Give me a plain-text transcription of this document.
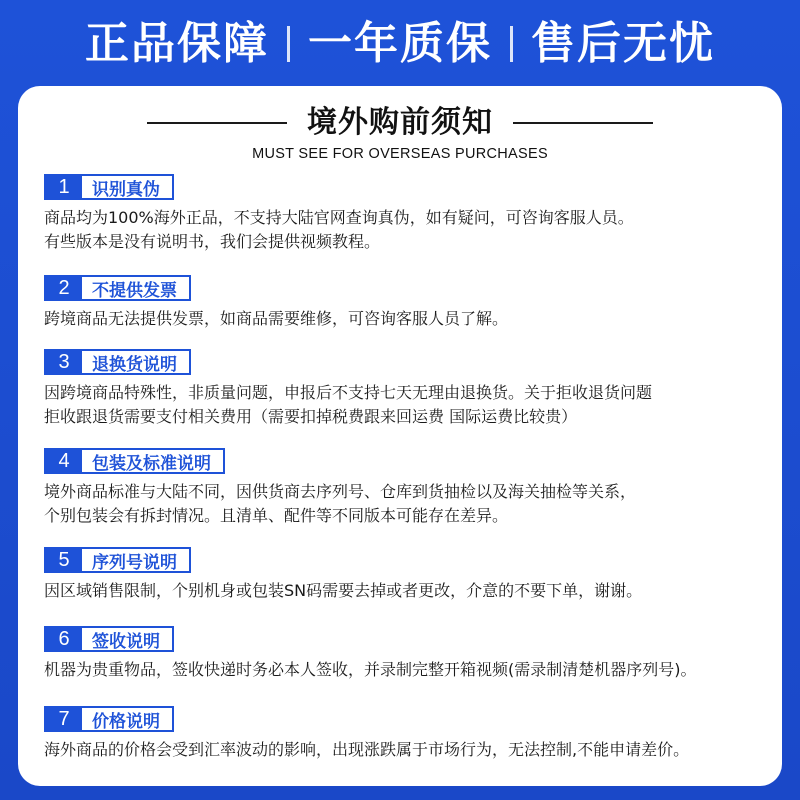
正品保障 一年质保 售后无忧
境外购前须知
MUST SEE FOR OVERSEAS PURCHASES
1	识别真伪

商品均为100%海外正品，不支持大陆官网查询真伪，如有疑问，可咨询客服人员。

有些版本是没有说明书，我们会提供视频教程。

2	不提供发票

跨境商品无法提供发票，如商品需要维修，可咨询客服人员了解。

3	退换货说明

因跨境商品特殊性，非质量问题，申报后不支持七天无理由退换货。关于拒收退货问题

拒收跟退货需要支付相关费用（需要扣掉税费跟来回运费 国际运费比较贵）

4	包装及标准说明

境外商品标准与大陆不同，因供货商去序列号、仓库到货抽检以及海关抽检等关系，

个别包装会有拆封情况。且清单、配件等不同版本可能存在差异。

5	序列号说明

因区域销售限制，个别机身或包装SN码需要去掉或者更改，介意的不要下单，谢谢。

6	签收说明

机器为贵重物品，签收快递时务必本人签收，并录制完整开箱视频(需录制清楚机器序列号)。

7	价格说明

海外商品的价格会受到汇率波动的影响，出现涨跌属于市场行为，无法控制,不能申请差价。
